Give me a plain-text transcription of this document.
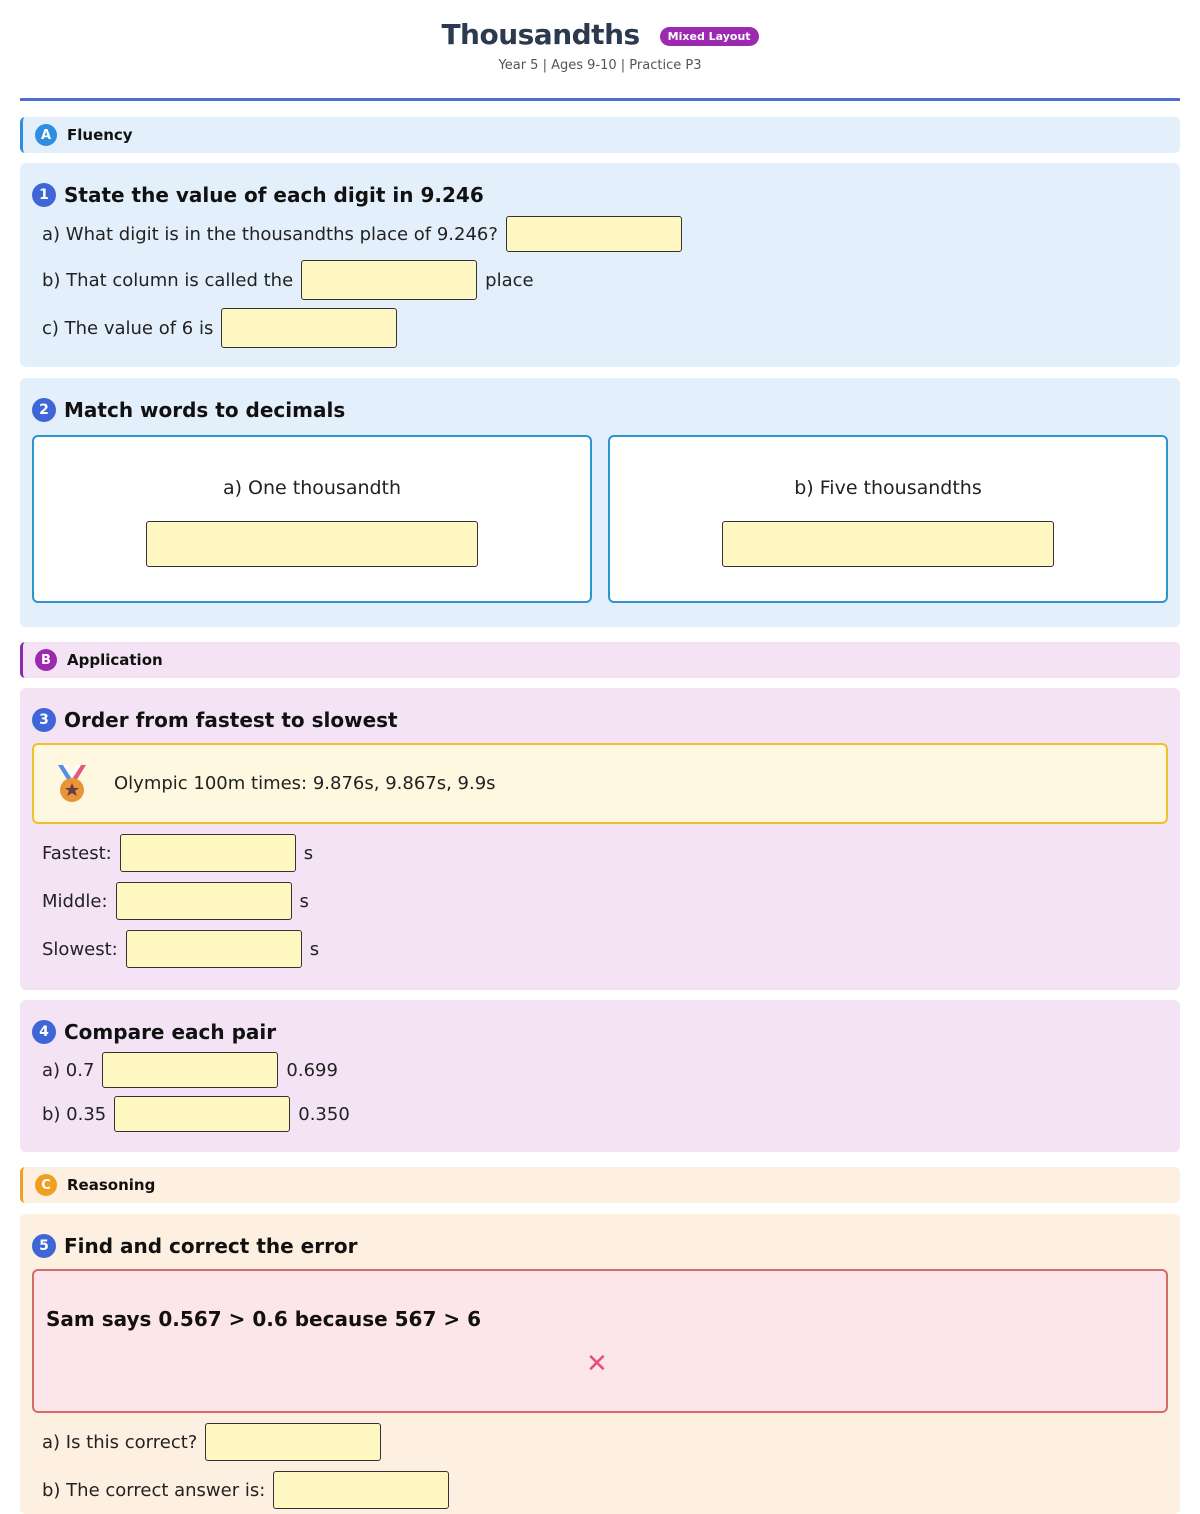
Thousandths	Mixed Layout
Year 5 | Ages 9-10 | Practice P3
A	Fluency
1 State the value of each digit in 9.246
a) What digit is in the thousandths place of 9.246?
b) That column is called the	place
c) The value of 6 is
2 Match words to decimals
a) One thousandth	b) Five thousandths
B	Application
3 Order from fastest to slowest
Olympic 100m times: 9.876s, 9.867s, 9.9s
Fastest:	s
Middle:	s
Slowest:	s
4 Compare each pair
a) 0.7	0.699
b) 0.35	0.350
C	Reasoning
5 Find and correct the error
Sam says 0.567 > 0.6 because 567 > 6
✕
a) Is this correct?
b) The correct answer is:
